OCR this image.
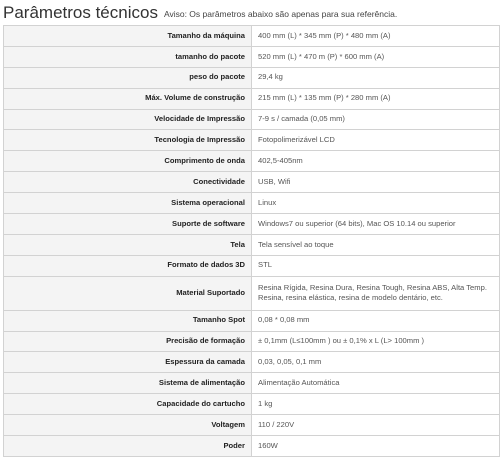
Parâmetros técnicos Aviso: Os parâmetros abaixo são apenas para sua referência.
Tamanho da máquina	400 mm (L) * 345 mm (P) * 480 mm (A)
tamanho do pacote	520 mm (L) * 470 m (P) * 600 mm (A)
peso do pacote	29,4 kg
Máx. Volume de construção	215 mm (L) * 135 mm (P) * 280 mm (A)
Velocidade de Impressão	7-9 s / camada (0,05 mm)
Tecnologia de Impressão	Fotopolimerizável LCD
Comprimento de onda	402,5-405nm
Conectividade	USB, Wifi
Sistema operacional	Linux
Suporte de software	Windows7 ou superior (64 bits), Mac OS 10.14 ou superior
Tela	Tela sensível ao toque
Formato de dados 3D	STL
Material Suportado	Resina Rígida, Resina Dura, Resina Tough, Resina ABS, Alta Temp. Resina, resina elástica, resina de modelo dentário, etc.
Tamanho Spot	0,08 * 0,08 mm
Precisão de formação	± 0,1mm (L≤100mm ) ou ± 0,1% x L (L> 100mm )
Espessura da camada	0,03, 0,05, 0,1 mm
Sistema de alimentação	Alimentação Automática
Capacidade do cartucho	1 kg
Voltagem	110 / 220V
Poder	160W
